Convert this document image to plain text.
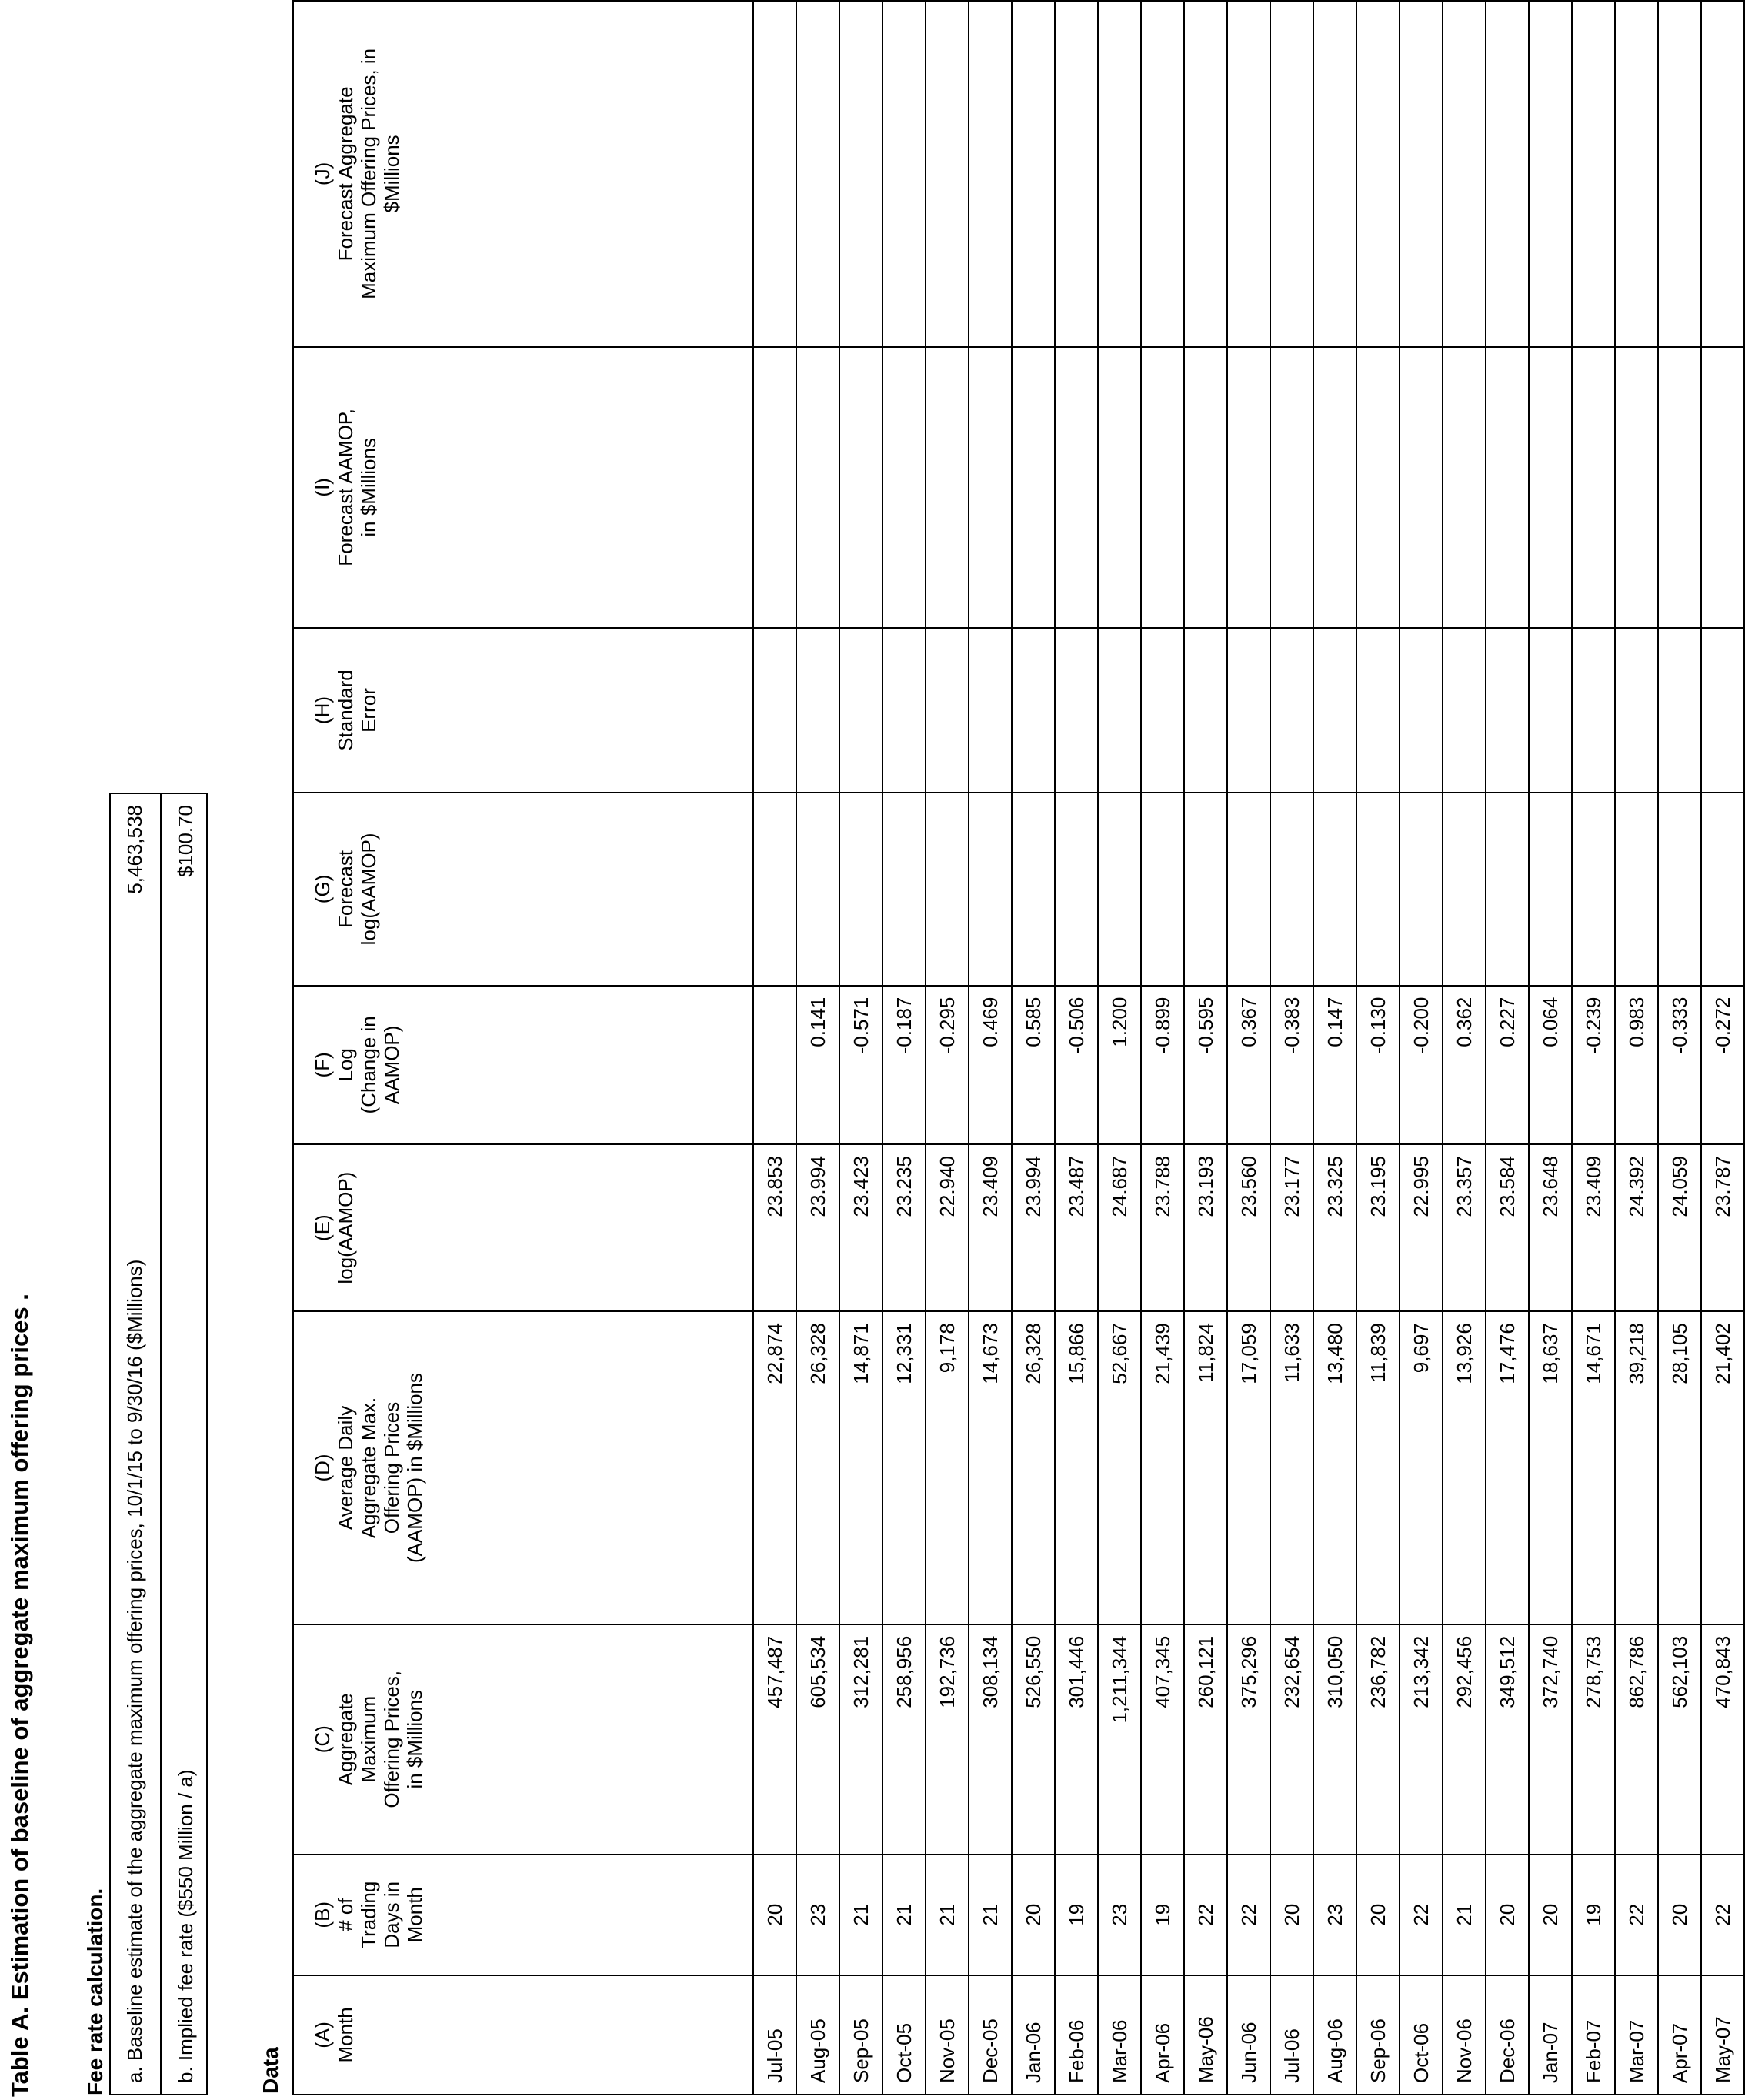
Table A. Estimation of baseline of aggregate maximum offering prices . Fee rate calculation. a. Baseline estimate of the aggregate maximum offering prices, 10/1/15 to 9/30/16 ($Millions)
5,463,538
b. Implied fee rate ($550 Million / a)
$100.70
Data
(A)
Month	(B)
# of
Trading
Days in
Month	(C)
Aggregate
Maximum
Offering Prices,
in $Millions	(D)
Average Daily
Aggregate Max.
Offering Prices
(AAMOP) in $Millions	(E)
log(AAMOP)	(F)
Log
(Change in
AAMOP)	(G)
Forecast
log(AAMOP)	(H)
Standard
Error	(I)
Forecast AAMOP,
in $Millions	(J)
Forecast Aggregate
Maximum Offering Prices, in
$Millions
Jul-05	20	457,487	22,874	23.853					
Aug-05	23	605,534	26,328	23.994	0.141				
Sep-05	21	312,281	14,871	23.423	-0.571				
Oct-05	21	258,956	12,331	23.235	-0.187				
Nov-05	21	192,736	9,178	22.940	-0.295				
Dec-05	21	308,134	14,673	23.409	0.469				
Jan-06	20	526,550	26,328	23.994	0.585				
Feb-06	19	301,446	15,866	23.487	-0.506				
Mar-06	23	1,211,344	52,667	24.687	1.200				
Apr-06	19	407,345	21,439	23.788	-0.899				
May-06	22	260,121	11,824	23.193	-0.595				
Jun-06	22	375,296	17,059	23.560	0.367				
Jul-06	20	232,654	11,633	23.177	-0.383				
Aug-06	23	310,050	13,480	23.325	0.147				
Sep-06	20	236,782	11,839	23.195	-0.130				
Oct-06	22	213,342	9,697	22.995	-0.200				
Nov-06	21	292,456	13,926	23.357	0.362				
Dec-06	20	349,512	17,476	23.584	0.227				
Jan-07	20	372,740	18,637	23.648	0.064				
Feb-07	19	278,753	14,671	23.409	-0.239				
Mar-07	22	862,786	39,218	24.392	0.983				
Apr-07	20	562,103	28,105	24.059	-0.333				
May-07	22	470,843	21,402	23.787	-0.272				
